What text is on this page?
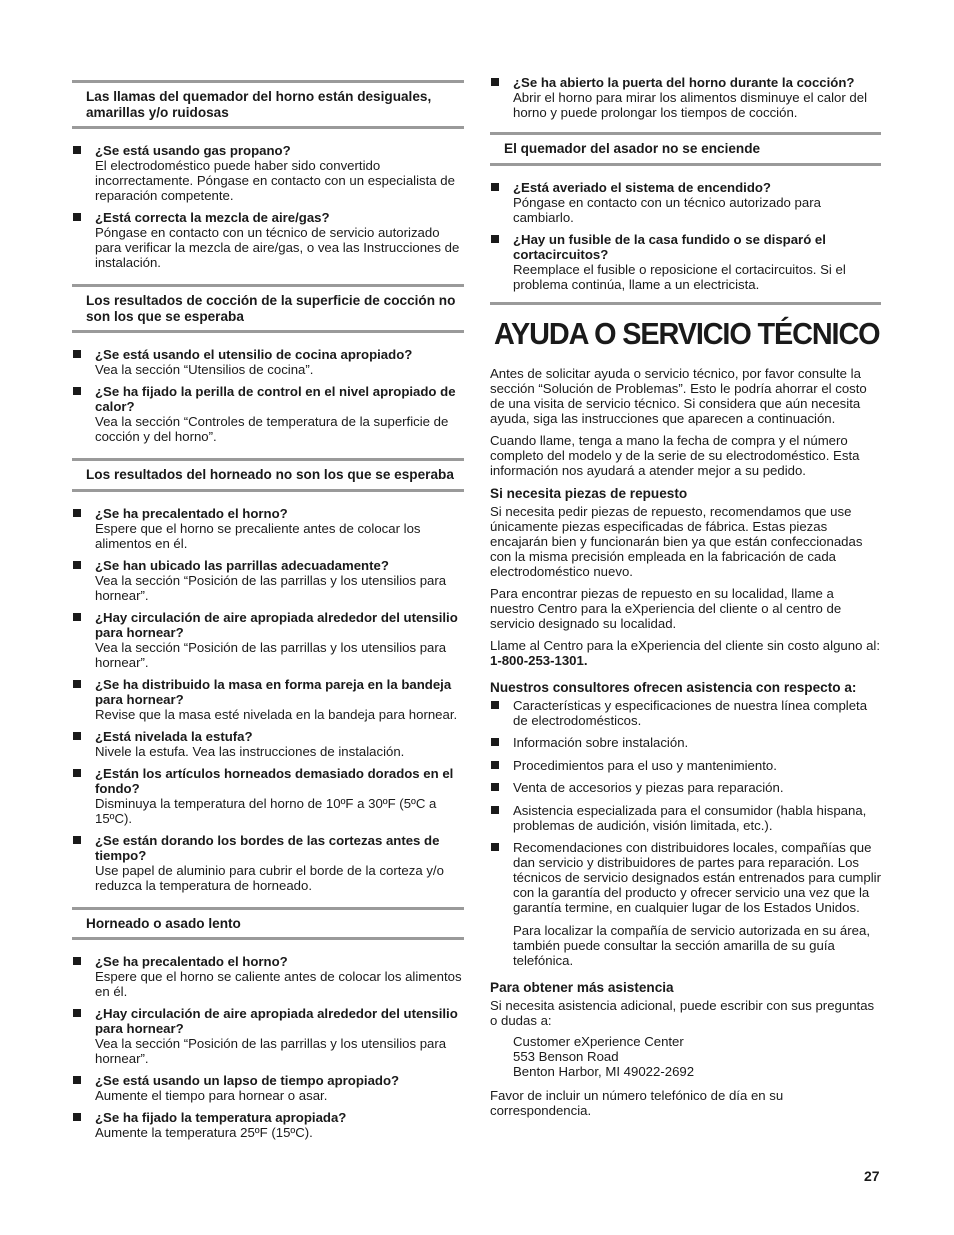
Las llamas del quemador del horno están desiguales, amarillas y/o ruidosas
¿Se está usando gas propano?
El electrodoméstico puede haber sido convertido incorrectamente. Póngase en contacto con un especialista de reparación competente.
¿Está correcta la mezcla de aire/gas?
Póngase en contacto con un técnico de servicio autorizado para verificar la mezcla de aire/gas, o vea las Instrucciones de instalación.
Los resultados de cocción de la superficie de cocción no son los que se esperaba
¿Se está usando el utensilio de cocina apropiado?
Vea la sección “Utensilios de cocina”.
¿Se ha fijado la perilla de control en el nivel apropiado de calor?
Vea la sección “Controles de temperatura de la superficie de cocción y del horno”.
Los resultados del horneado no son los que se esperaba
¿Se ha precalentado el horno?
Espere que el horno se precaliente antes de colocar los alimentos en él.
¿Se han ubicado las parrillas adecuadamente?
Vea la sección “Posición de las parrillas y los utensilios para hornear”.
¿Hay circulación de aire apropiada alrededor del utensilio para hornear?
Vea la sección “Posición de las parrillas y los utensilios para hornear”.
¿Se ha distribuido la masa en forma pareja en la bandeja para hornear?
Revise que la masa esté nivelada en la bandeja para hornear.
¿Está nivelada la estufa?
Nivele la estufa. Vea las instrucciones de instalación.
¿Están los artículos horneados demasiado dorados en el fondo?
Disminuya la temperatura del horno de 10ºF a 30ºF (5ºC a 15ºC).
¿Se están dorando los bordes de las cortezas antes de tiempo?
Use papel de aluminio para cubrir el borde de la corteza y/o reduzca la temperatura de horneado.
Horneado o asado lento
¿Se ha precalentado el horno?
Espere que el horno se caliente antes de colocar los alimentos en él.
¿Hay circulación de aire apropiada alrededor del utensilio para hornear?
Vea la sección “Posición de las parrillas y los utensilios para hornear”.
¿Se está usando un lapso de tiempo apropiado?
Aumente el tiempo para hornear o asar.
¿Se ha fijado la temperatura apropiada?
Aumente la temperatura 25ºF (15ºC).
¿Se ha abierto la puerta del horno durante la cocción?
Abrir el horno para mirar los alimentos disminuye el calor del horno y puede prolongar los tiempos de cocción.
El quemador del asador no se enciende
¿Está averiado el sistema de encendido?
Póngase en contacto con un técnico autorizado para cambiarlo.
¿Hay un fusible de la casa fundido o se disparó el cortacircuitos?
Reemplace el fusible o reposicione el cortacircuitos. Si el problema continúa, llame a un electricista.
AYUDA O SERVICIO TÉCNICO

Antes de solicitar ayuda o servicio técnico, por favor consulte la sección “Solución de Problemas”. Esto le podría ahorrar el costo de una visita de servicio técnico. Si considera que aún necesita ayuda, siga las instrucciones que aparecen a continuación.

Cuando llame, tenga a mano la fecha de compra y el número completo del modelo y de la serie de su electrodoméstico. Esta información nos ayudará a atender mejor a su pedido.

Si necesita piezas de repuesto

Si necesita pedir piezas de repuesto, recomendamos que use únicamente piezas especificadas de fábrica. Estas piezas encajarán bien y funcionarán bien ya que están confeccionadas con la misma precisión empleada en la fabricación de cada electrodoméstico nuevo.

Para encontrar piezas de repuesto en su localidad, llame a nuestro Centro para la eXperiencia del cliente o al centro de servicio designado su localidad.

Llame al Centro para la eXperiencia del cliente sin costo alguno al: 1-800-253-1301.

Nuestros consultores ofrecen asistencia con respecto a:
Características y especificaciones de nuestra línea completa de electrodomésticos.
Información sobre instalación.
Procedimientos para el uso y mantenimiento.
Venta de accesorios y piezas para reparación.
Asistencia especializada para el consumidor (habla hispana, problemas de audición, visión limitada, etc.).
Recomendaciones con distribuidores locales, compañías que dan servicio y distribuidores de partes para reparación. Los técnicos de servicio designados están entrenados para cumplir con la garantía del producto y ofrecer servicio una vez que la garantía termine, en cualquier lugar de los Estados Unidos.

Para localizar la compañía de servicio autorizada en su área, también puede consultar la sección amarilla de su guía telefónica.

Para obtener más asistencia

Si necesita asistencia adicional, puede escribir con sus preguntas o dudas a:

Customer eXperience Center
553 Benson Road
Benton Harbor, MI 49022-2692

Favor de incluir un número telefónico de día en su correspondencia.

27
